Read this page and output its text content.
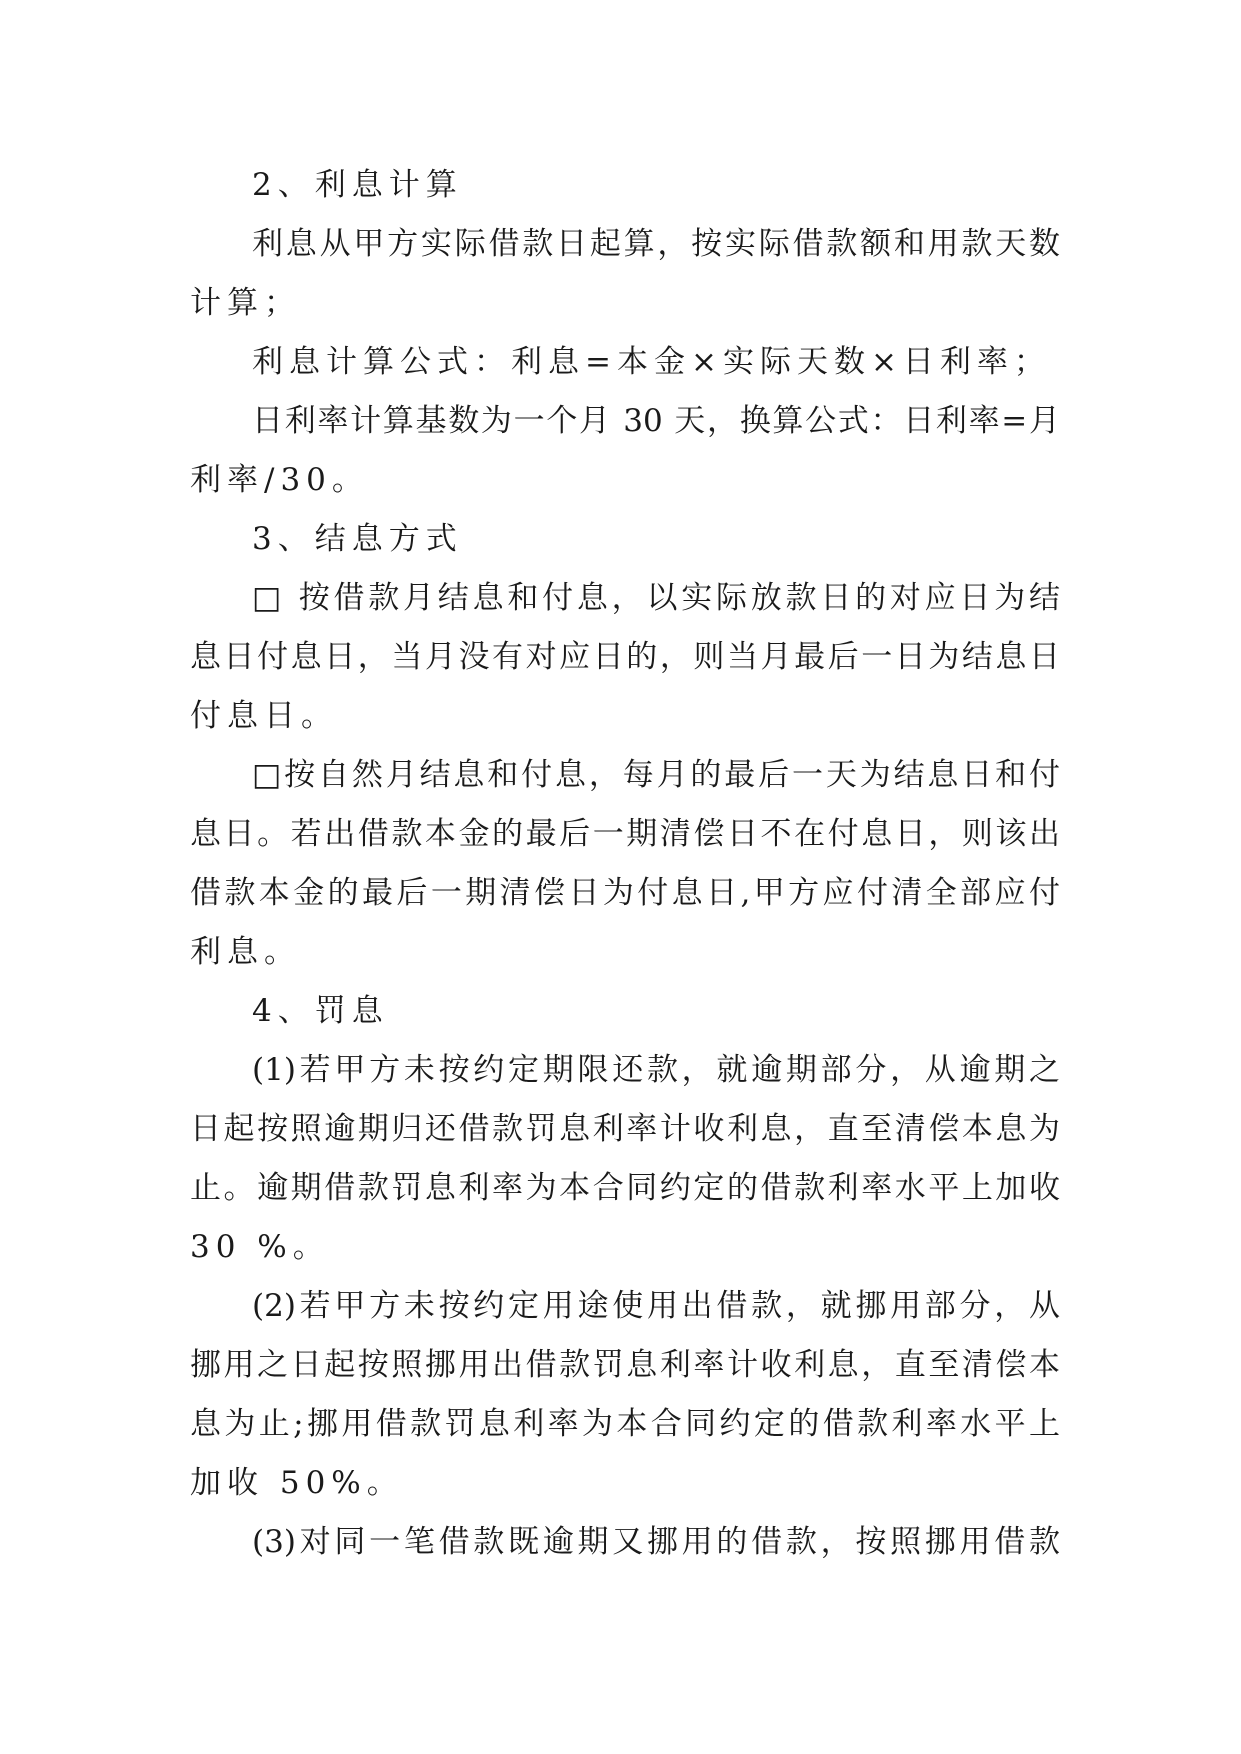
2、利息计算
利息从甲方实际借款日起算，按实际借款额和用款天数
计算；
利息计算公式：利息=本金×实际天数×日利率；
日利率计算基数为一个月 30 天，换算公式：日利率=月
利率/30。
3、结息方式
□ 按借款月结息和付息，以实际放款日的对应日为结
息日付息日，当月没有对应日的，则当月最后一日为结息日
付息日。
□按自然月结息和付息，每月的最后一天为结息日和付
息日。若出借款本金的最后一期清偿日不在付息日，则该出
借款本金的最后一期清偿日为付息日,甲方应付清全部应付
利息。
4、罚息
(1)若甲方未按约定期限还款，就逾期部分，从逾期之
日起按照逾期归还借款罚息利率计收利息，直至清偿本息为
止。逾期借款罚息利率为本合同约定的借款利率水平上加收
30 %。
(2)若甲方未按约定用途使用出借款，就挪用部分，从
挪用之日起按照挪用出借款罚息利率计收利息，直至清偿本
息为止;挪用借款罚息利率为本合同约定的借款利率水平上
加收 50%。
(3)对同一笔借款既逾期又挪用的借款，按照挪用借款
